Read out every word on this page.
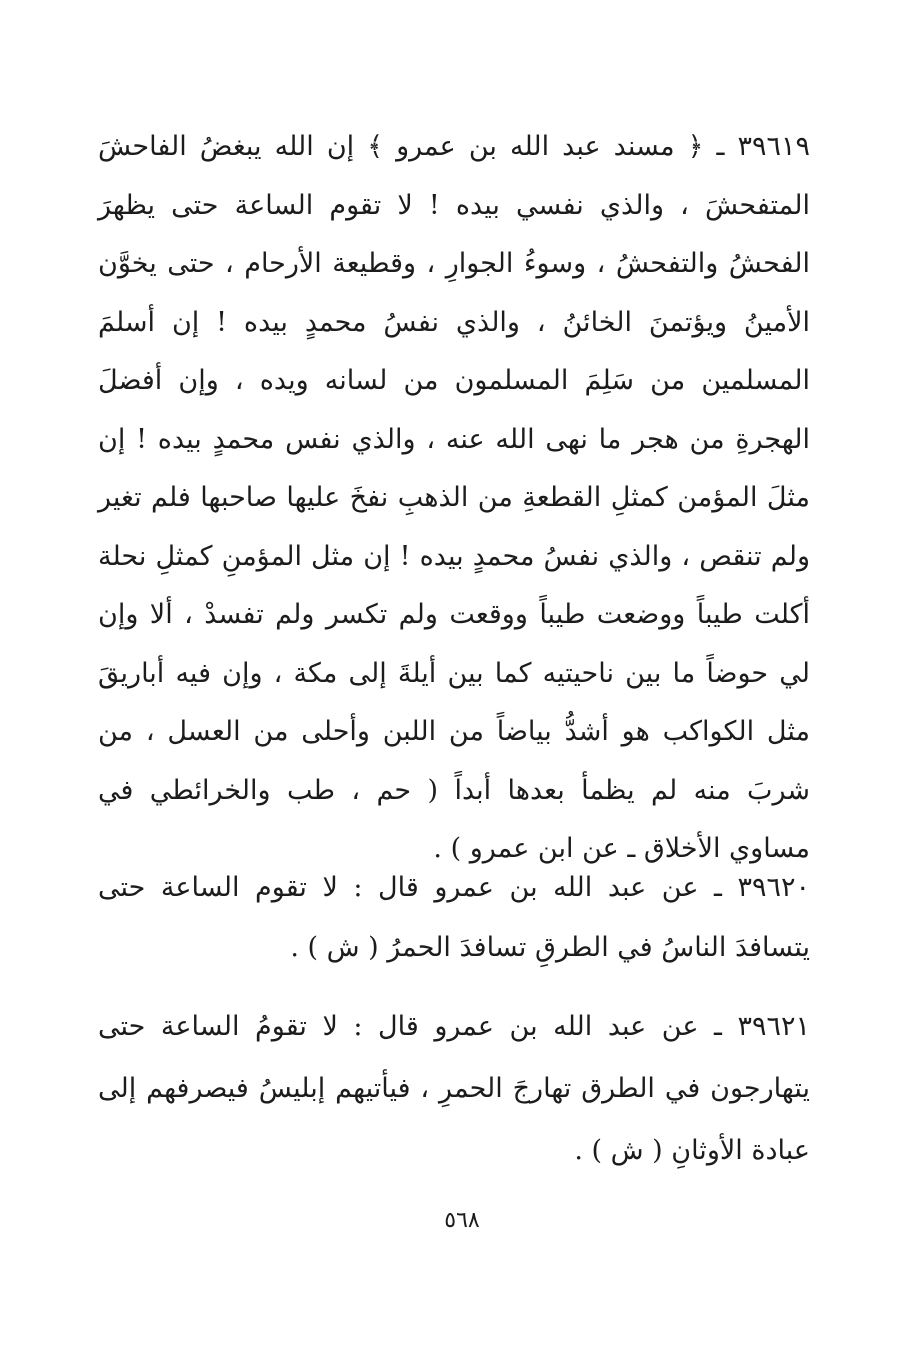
٣٩٦١٩ ـ ﴿ مسند عبد الله بن عمرو ﴾ إن الله يبغضُ الفاحشَ المتفحشَ ، والذي نفسي بيده ! لا تقوم الساعة حتى يظهرَ الفحشُ والتفحشُ ، وسوءُ الجوارِ ، وقطيعة الأرحام ، حتى يخوَّن الأمينُ ويؤتمنَ الخائنُ ، والذي نفسُ محمدٍ بيده ! إن أسلمَ المسلمين من سَلِمَ المسلمون من لسانه ويده ، وإن أفضلَ الهجرةِ من هجر ما نهى الله عنه ، والذي نفس محمدٍ بيده ! إن مثلَ المؤمن كمثلِ القطعةِ من الذهبِ نفخَ عليها صاحبها فلم تغير ولم تنقص ، والذي نفسُ محمدٍ بيده ! إن مثل المؤمنِ كمثلِ نحلة أكلت طيباً ووضعت طيباً ووقعت ولم تكسر ولم تفسدْ ، ألا وإن لي حوضاً ما بين ناحيتيه كما بين أيلةَ إلى مكة ، وإن فيه أباريقَ مثل الكواكب هو أشدُّ بياضاً من اللبن وأحلى من العسل ، من شربَ منه لم يظمأ بعدها أبداً ( حم ، طب والخرائطي في مساوي الأخلاق ـ عن ابن عمرو ) .
٣٩٦٢٠ ـ عن عبد الله بن عمرو قال : لا تقوم الساعة حتى يتسافدَ الناسُ في الطرقِ تسافدَ الحمرُ ( ش ) .
٣٩٦٢١ ـ عن عبد الله بن عمرو قال : لا تقومُ الساعة حتى يتهارجون في الطرق تهارجَ الحمرِ ، فيأتيهم إبليسُ فيصرفهم إلى عبادة الأوثانِ ( ش ) .
٥٦٨
